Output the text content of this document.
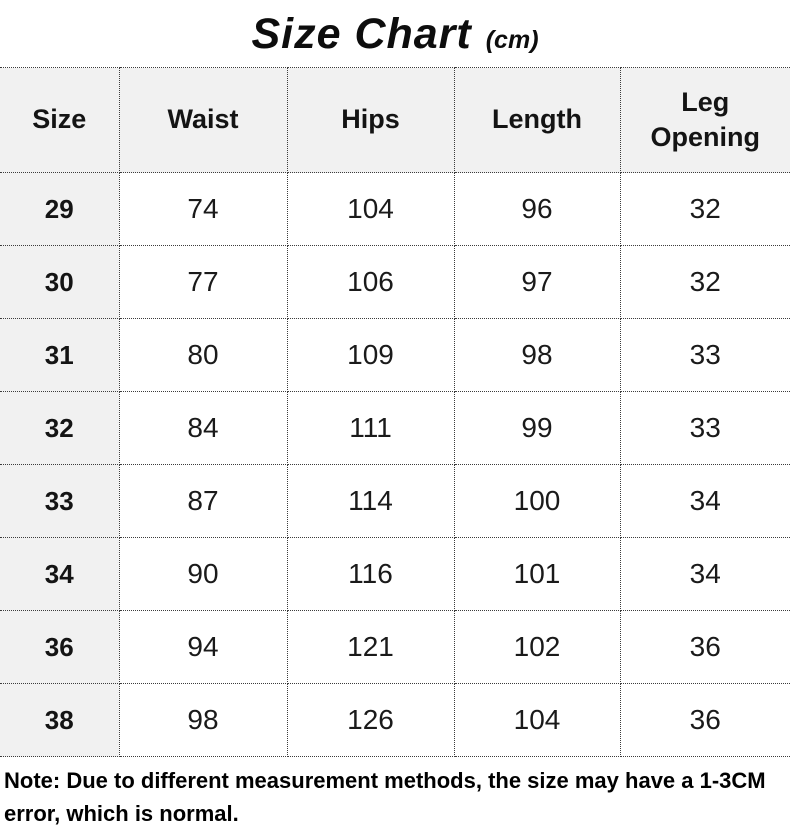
Size Chart (cm)
Size	Waist	Hips	Length	Leg Opening
29	74	104	96	32
30	77	106	97	32
31	80	109	98	33
32	84	111	99	33
33	87	114	100	34
34	90	116	101	34
36	94	121	102	36
38	98	126	104	36
Note: Due to different measurement methods, the size may have a 1-3CM error, which is normal.
